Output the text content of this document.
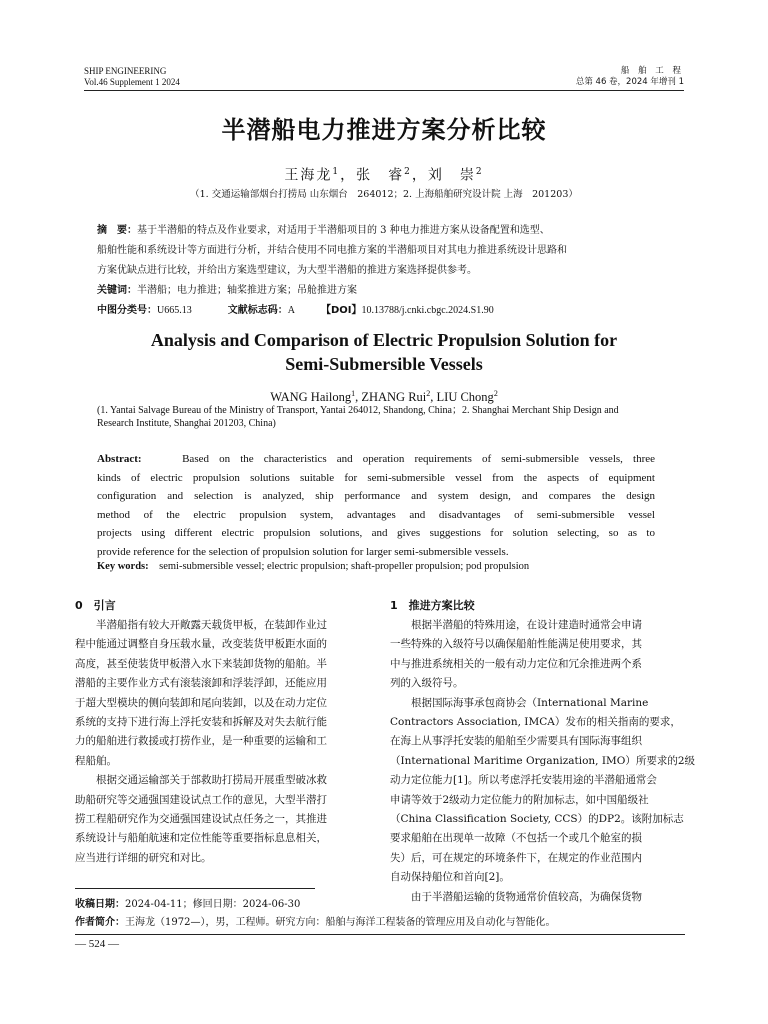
SHIP ENGINEERING
Vol.46 Supplement 1 2024
船 舶 工 程
总第 46 卷，2024 年增刊 1
半潜船电力推进方案分析比较
王海龙$^1$，张　睿$^2$，刘　崇$^2$
（1. 交通运输部烟台打捞局 山东烟台　264012；2. 上海船舶研究设计院 上海　201203）
摘　要：基于半潜船的特点及作业要求，对适用于半潜船项目的 3 种电力推进方案从设备配置和选型、
船舶性能和系统设计等方面进行分析，并结合使用不同电推方案的半潜船项目对其电力推进系统设计思路和
方案优缺点进行比较，并给出方案选型建议，为大型半潜船的推进方案选择提供参考。
关键词：半潜船；电力推进；轴桨推进方案；吊舱推进方案
中图分类号：U665.13	文献标志码：A	【DOI】10.13788/j.cnki.cbgc.2024.S1.90
Analysis and Comparison of Electric Propulsion Solution for
Semi-Submersible Vessels
WANG Hailong$^1$, ZHANG Rui$^2$, LIU Chong$^2$
(1. Yantai Salvage Bureau of the Ministry of Transport, Yantai 264012, Shandong, China；2. Shanghai Merchant Ship Design and
Research Institute, Shanghai 201203, China)
Abstract:	Based on the characteristics and operation requirements of semi-submersible vessels, three
kinds of electric propulsion solutions suitable for semi-submersible vessel from the aspects of equipment
configuration and selection is analyzed, ship performance and system design, and compares the design
method of the electric propulsion system, advantages and disadvantages of semi-submersible vessel
projects using different electric propulsion solutions, and gives suggestions for solution selecting, so as to
provide reference for the selection of propulsion solution for larger semi-submersible vessels.
Key words: semi-submersible vessel; electric propulsion; shaft-propeller propulsion; pod propulsion
0　引言
半潜船指有较大开敞露天载货甲板，在装卸作业过
程中能通过调整自身压载水量，改变装货甲板距水面的
高度，甚至使装货甲板潜入水下来装卸货物的船舶。半
潜船的主要作业方式有滚装滚卸和浮装浮卸，还能应用
于超大型模块的侧向装卸和尾向装卸，以及在动力定位
系统的支持下进行海上浮托安装和拆解及对失去航行能
力的船舶进行救援或打捞作业，是一种重要的运输和工
程船舶。
根据交通运输部关于部救助打捞局开展重型破冰救
助船研究等交通强国建设试点工作的意见，大型半潜打
捞工程船研究作为交通强国建设试点任务之一，其推进
系统设计与船舶航速和定位性能等重要指标息息相关，
应当进行详细的研究和对比。
1　推进方案比较
根据半潜船的特殊用途，在设计建造时通常会申请
一些特殊的入级符号以确保船舶性能满足使用要求，其
中与推进系统相关的一般有动力定位和冗余推进两个系
列的入级符号。
根据国际海事承包商协会（International Marine
Contractors Association, IMCA）发布的相关指南的要求，
在海上从事浮托安装的船舶至少需要具有国际海事组织
（International Maritime Organization, IMO）所要求的2级
动力定位能力[1]。所以考虑浮托安装用途的半潜船通常会
申请等效于2级动力定位能力的附加标志，如中国船级社
（China Classification Society, CCS）的DP2。该附加标志
要求船舶在出现单一故障（不包括一个或几个舱室的损
失）后，可在规定的环境条件下，在规定的作业范围内
自动保持船位和首向[2]。
由于半潜船运输的货物通常价值较高，为确保货物
收稿日期：2024-04-11；修回日期：2024-06-30
作者简介：王海龙（1972—），男，工程师。研究方向：船舶与海洋工程装备的管理应用及自动化与智能化。
— 524 —
